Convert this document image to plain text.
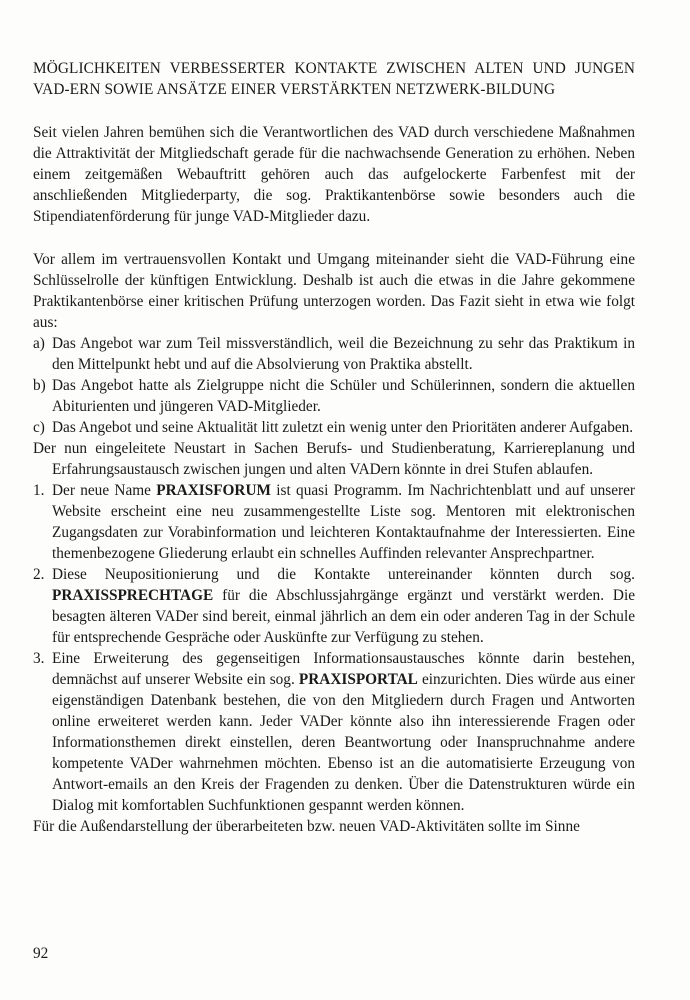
MÖGLICHKEITEN VERBESSERTER KONTAKTE ZWISCHEN ALTEN UND JUNGEN VAD-ERN SOWIE ANSÄTZE EINER VERSTÄRKTEN NETZWERK-BILDUNG

Seit vielen Jahren bemühen sich die Verantwortlichen des VAD durch verschiedene Maßnahmen die Attraktivität der Mitgliedschaft gerade für die nachwachsende Generation zu erhöhen. Neben einem zeitgemäßen Webauftritt gehören auch das aufgelockerte Farbenfest mit der anschließenden Mitgliederparty, die sog. Praktikantenbörse sowie besonders auch die Stipendiatenförderung für junge VAD-Mitglieder dazu.

Vor allem im vertrauensvollen Kontakt und Umgang miteinander sieht die VAD-Führung eine Schlüsselrolle der künftigen Entwicklung. Deshalb ist auch die etwas in die Jahre gekommene Praktikantenbörse einer kritischen Prüfung unterzogen worden. Das Fazit sieht in etwa wie folgt aus:

a) Das Angebot war zum Teil missverständlich, weil die Bezeichnung zu sehr das Praktikum in den Mittelpunkt hebt und auf die Absolvierung von Praktika abstellt.
b) Das Angebot hatte als Zielgruppe nicht die Schüler und Schülerinnen, sondern die aktuellen Abiturienten und jüngeren VAD-Mitglieder.
c) Das Angebot und seine Aktualität litt zuletzt ein wenig unter den Prioritäten anderer Aufgaben.

Der nun eingeleitete Neustart in Sachen Berufs- und Studienberatung, Karriereplanung und Erfahrungsaustausch zwischen jungen und alten VADern könnte in drei Stufen ablaufen.

1. Der neue Name PRAXISFORUM ist quasi Programm. Im Nachrichtenblatt und auf unserer Website erscheint eine neu zusammengestellte Liste sog. Mentoren mit elektronischen Zugangsdaten zur Vorabinformation und leichteren Kontaktaufnahme der Interessierten. Eine themenbezogene Gliederung erlaubt ein schnelles Auffinden relevanter Ansprechpartner.
2. Diese Neupositionierung und die Kontakte untereinander könnten durch sog. PRAXISSPRECHTAGE für die Abschlussjahrgänge ergänzt und verstärkt werden. Die besagten älteren VADer sind bereit, einmal jährlich an dem ein oder anderen Tag in der Schule für entsprechende Gespräche oder Auskünfte zur Verfügung zu stehen.
3. Eine Erweiterung des gegenseitigen Informationsaustausches könnte darin bestehen, demnächst auf unserer Website ein sog. PRAXISPORTAL einzurichten. Dies würde aus einer eigenständigen Datenbank bestehen, die von den Mitgliedern durch Fragen und Antworten online erweiteret werden kann. Jeder VADer könnte also ihn interessierende Fragen oder Informationsthemen direkt einstellen, deren Beantwortung oder Inanspruchnahme andere kompetente VADer wahrnehmen möchten. Ebenso ist an die automatisierte Erzeugung von Antwort-emails an den Kreis der Fragenden zu denken. Über die Datenstrukturen würde ein Dialog mit komfortablen Suchfunktionen gespannt werden können.

Für die Außendarstellung der überarbeiteten bzw. neuen VAD-Aktivitäten sollte im Sinne

92
